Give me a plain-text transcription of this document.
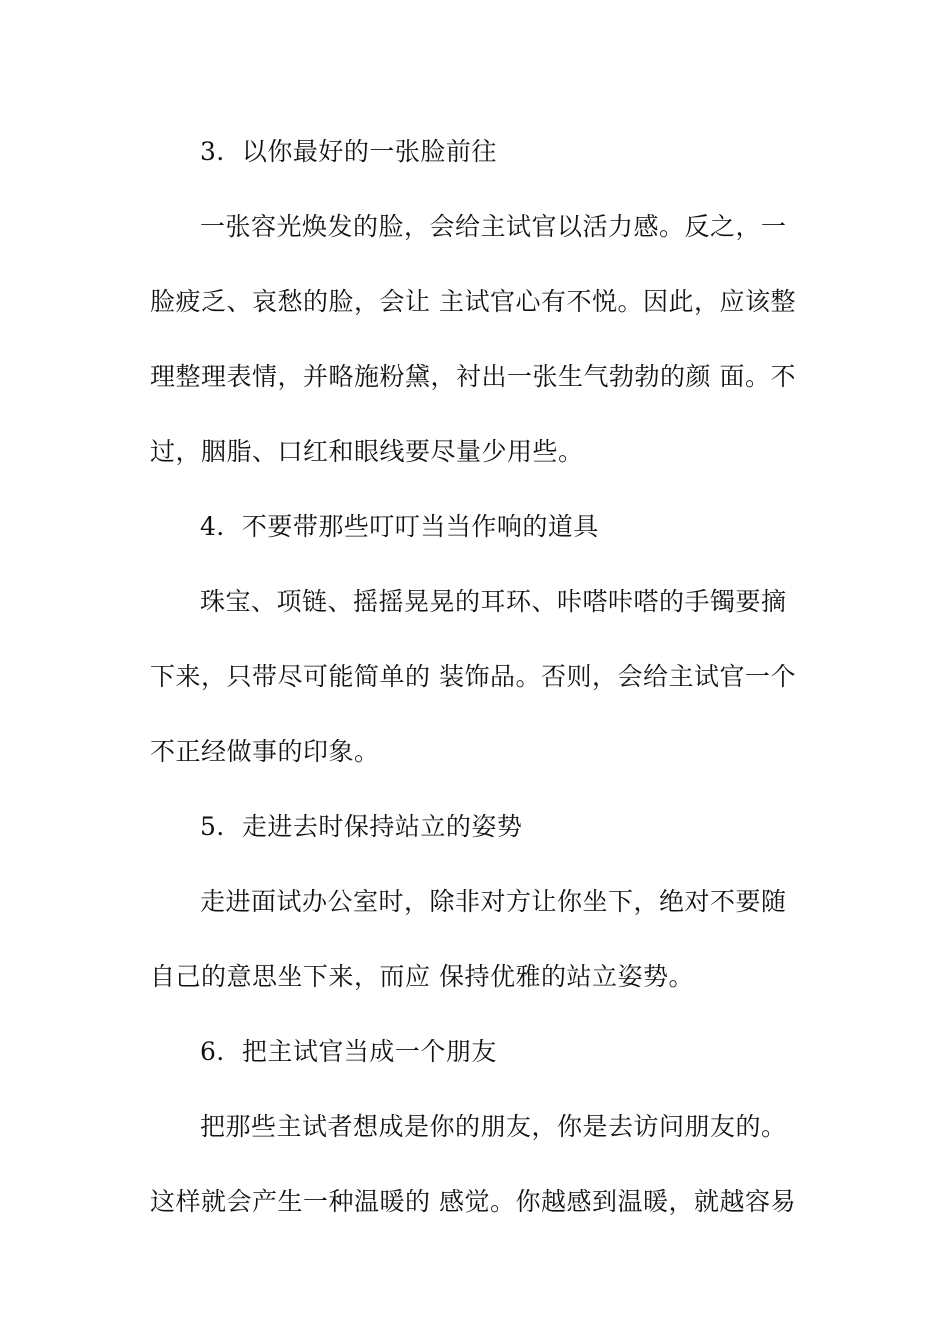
3．以你最好的一张脸前往
一张容光焕发的脸，会给主试官以活力感。反之，一
脸疲乏、哀愁的脸，会让 主试官心有不悦。因此，应该整
理整理表情，并略施粉黛，衬出一张生气勃勃的颜 面。不
过，胭脂、口红和眼线要尽量少用些。
4．不要带那些叮叮当当作响的道具
珠宝、项链、摇摇晃晃的耳环、咔嗒咔嗒的手镯要摘
下来，只带尽可能简单的 装饰品。否则，会给主试官一个
不正经做事的印象。
5．走进去时保持站立的姿势
走进面试办公室时，除非对方让你坐下，绝对不要随
自己的意思坐下来，而应 保持优雅的站立姿势。
6．把主试官当成一个朋友
把那些主试者想成是你的朋友，你是去访问朋友的。
这样就会产生一种温暖的 感觉。你越感到温暖，就越容易
